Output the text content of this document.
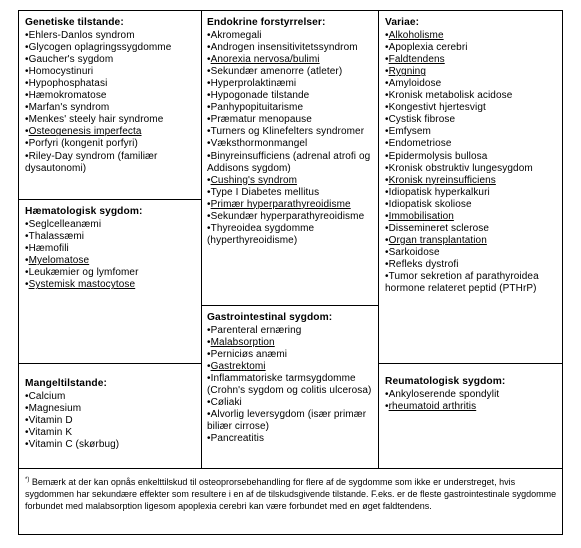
Genetiske tilstande:
•Ehlers-Danlos syndrom
•Glycogen oplagringssygdomme
•Gaucher's sygdom
•Homocystinuri
•Hypophosphatasi
•Hæmokromatose
•Marfan's syndrom
•Menkes' steely hair syndrome
•Osteogenesis imperfecta
•Porfyri (kongenit porfyri)
•Riley-Day syndrom (familiær dysautonomi)
Hæmatologisk sygdom:
•Seglcelleanæmi
•Thalassæmi
•Hæmofili
•Myelomatose
•Leukæmier og lymfomer
•Systemisk mastocytose
Mangeltilstande:
•Calcium
•Magnesium
•Vitamin D
•Vitamin K
•Vitamin C (skørbug)
Endokrine forstyrrelser:
•Akromegali
•Androgen insensitivitetssyndrom
•Anorexia nervosa/bulimi
•Sekundær amenorre (atleter)
•Hyperprolaktinæmi
•Hypogonade tilstande
•Panhypopituitarisme
•Præmatur menopause
•Turners og Klinefelters syndromer
•Væksthormonmangel
•Binyreinsufficiens (adrenal atrofi og Addisons sygdom)
•Cushing's syndrom
•Type I Diabetes mellitus
•Primær hyperparathyreoidisme
•Sekundær hyperparathyreoidisme
•Thyreoidea sygdomme (hyperthyreoidisme)
Gastrointestinal sygdom:
•Parenteral ernæring
•Malabsorption
•Perniciøs anæmi
•Gastrektomi
•Inflammatoriske tarmsygdomme (Crohn's sygdom og colitis ulcerosa)
•Cøliaki
•Alvorlig leversygdom (især primær biliær cirrose)
•Pancreatitis
Variae:
•Alkoholisme
•Apoplexia cerebri
•Faldtendens
•Rygning
•Amyloidose
•Kronisk metabolisk acidose
•Kongestivt hjertesvigt
•Cystisk fibrose
•Emfysem
•Endometriose
•Epidermolysis bullosa
•Kronisk obstruktiv lungesygdom
•Kronisk nyreinsufficiens
•Idiopatisk hyperkalkuri
•Idiopatisk skoliose
•Immobilisation
•Dissemineret sclerose
•Organ transplantation
•Sarkoidose
•Refleks dystrofi
•Tumor sekretion af parathyroidea hormone relateret peptid (PTHrP)
Reumatologisk sygdom:
•Ankyloserende spondylit
•rheumatoid arthritis
*) Bemærk at der kan opnås enkelttilskud til osteoprorsebehandling for flere af de sygdomme som ikke er understreget, hvis sygdommen har sekundære effekter som resultere i en af de tilskudsgivende tilstande. F.eks. er de fleste gastrointestinale sygdomme forbundet med malabsorption ligesom apoplexia cerebri kan være forbundet med en øget faldtendens.
